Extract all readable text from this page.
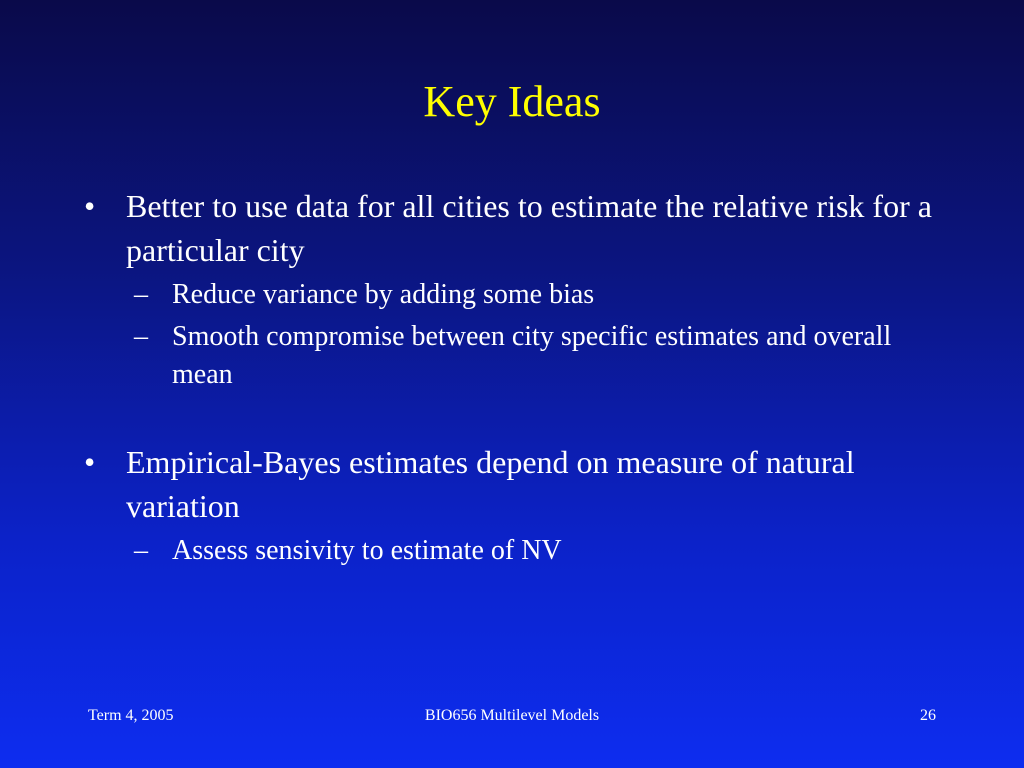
Key Ideas
• Better to use data for all cities to estimate the relative risk for a particular city
– Reduce variance by adding some bias
– Smooth compromise between city specific estimates and overall mean
• Empirical-Bayes estimates depend on measure of natural variation
– Assess sensivity to estimate of NV
Term 4, 2005	BIO656 Multilevel Models	26
